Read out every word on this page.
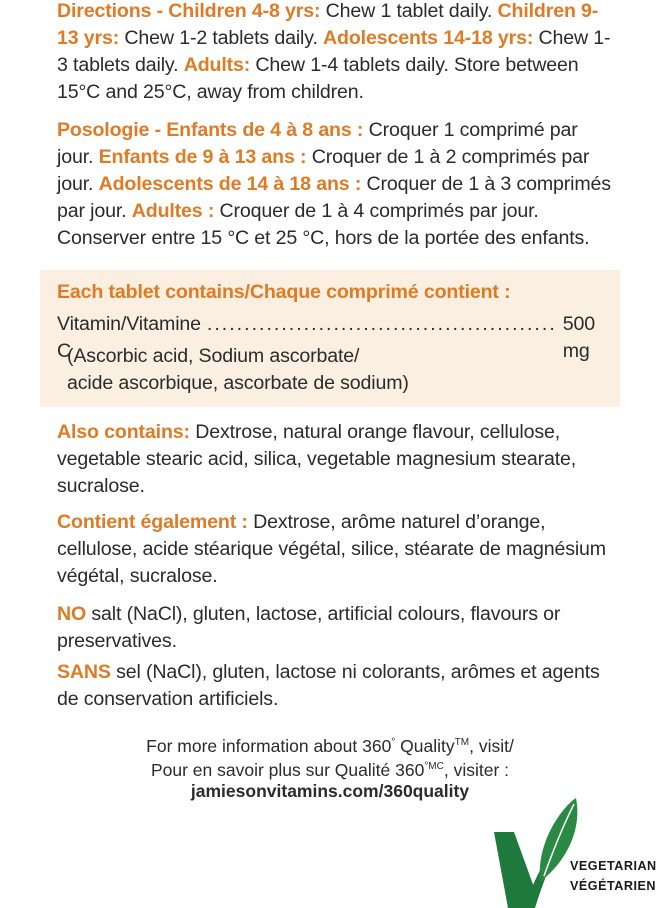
Directions - Children 4-8 yrs: Chew 1 tablet daily. Children 9-13 yrs: Chew 1-2 tablets daily. Adolescents 14-18 yrs: Chew 1-3 tablets daily. Adults: Chew 1-4 tablets daily. Store between 15°C and 25°C, away from children.

Posologie - Enfants de 4 à 8 ans : Croquer 1 comprimé par jour. Enfants de 9 à 13 ans : Croquer de 1 à 2 comprimés par jour. Adolescents de 14 à 18 ans : Croquer de 1 à 3 comprimés par jour. Adultes : Croquer de 1 à 4 comprimés par jour. Conserver entre 15 °C et 25 °C, hors de la portée des enfants.

Each tablet contains/Chaque comprimé contient :
Vitamin/Vitamine C
............................................... 500 mg
(Ascorbic acid, Sodium ascorbate/
acide ascorbique, ascorbate de sodium)

Also contains: Dextrose, natural orange flavour, cellulose, vegetable stearic acid, silica, vegetable magnesium stearate, sucralose.

Contient également : Dextrose, arôme naturel d’orange, cellulose, acide stéarique végétal, silice, stéarate de magnésium végétal, sucralose.

NO salt (NaCl), gluten, lactose, artificial colours, flavours or preservatives.

SANS sel (NaCl), gluten, lactose ni colorants, arômes et agents de conservation artificiels.

For more information about 360° Quality™, visit/
Pour en savoir plus sur Qualité $360^{^\circ MC}$, visiter :
jamiesonvitamins.com/360quality
VEGETARIAN
VÉGÉTARIEN
